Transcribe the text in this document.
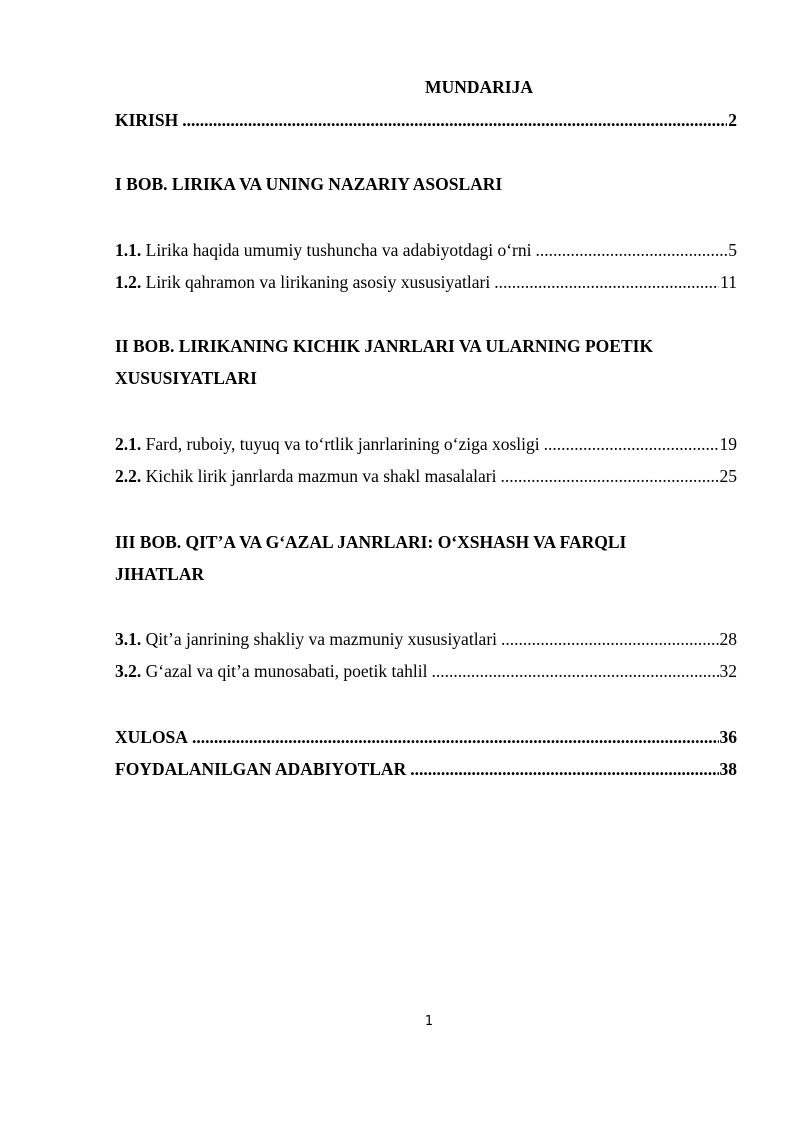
MUNDARIJA
KIRISH .....	2
I BOB. LIRIKA VA UNING NAZARIY ASOSLARI
1.1. Lirika haqida umumiy tushuncha va adabiyotdagi o‘rni .....	5
1.2. Lirik qahramon va lirikaning asosiy xususiyatlari .....	11
II BOB. LIRIKANING KICHIK JANRLARI VA ULARNING POETIK
XUSUSIYATLARI
2.1. Fard, ruboiy, tuyuq va to‘rtlik janrlarining o‘ziga xosligi .....	19
2.2. Kichik lirik janrlarda mazmun va shakl masalalari .....	25
III BOB. QIT’A VA G‘AZAL JANRLARI: O‘XSHASH VA FARQLI
JIHATLAR
3.1. Qit’a janrining shakliy va mazmuniy xususiyatlari .....	28
3.2. G‘azal va qit’a munosabati, poetik tahlil .....	32
XULOSA .....	36
FOYDALANILGAN ADABIYOTLAR .....	38
1
